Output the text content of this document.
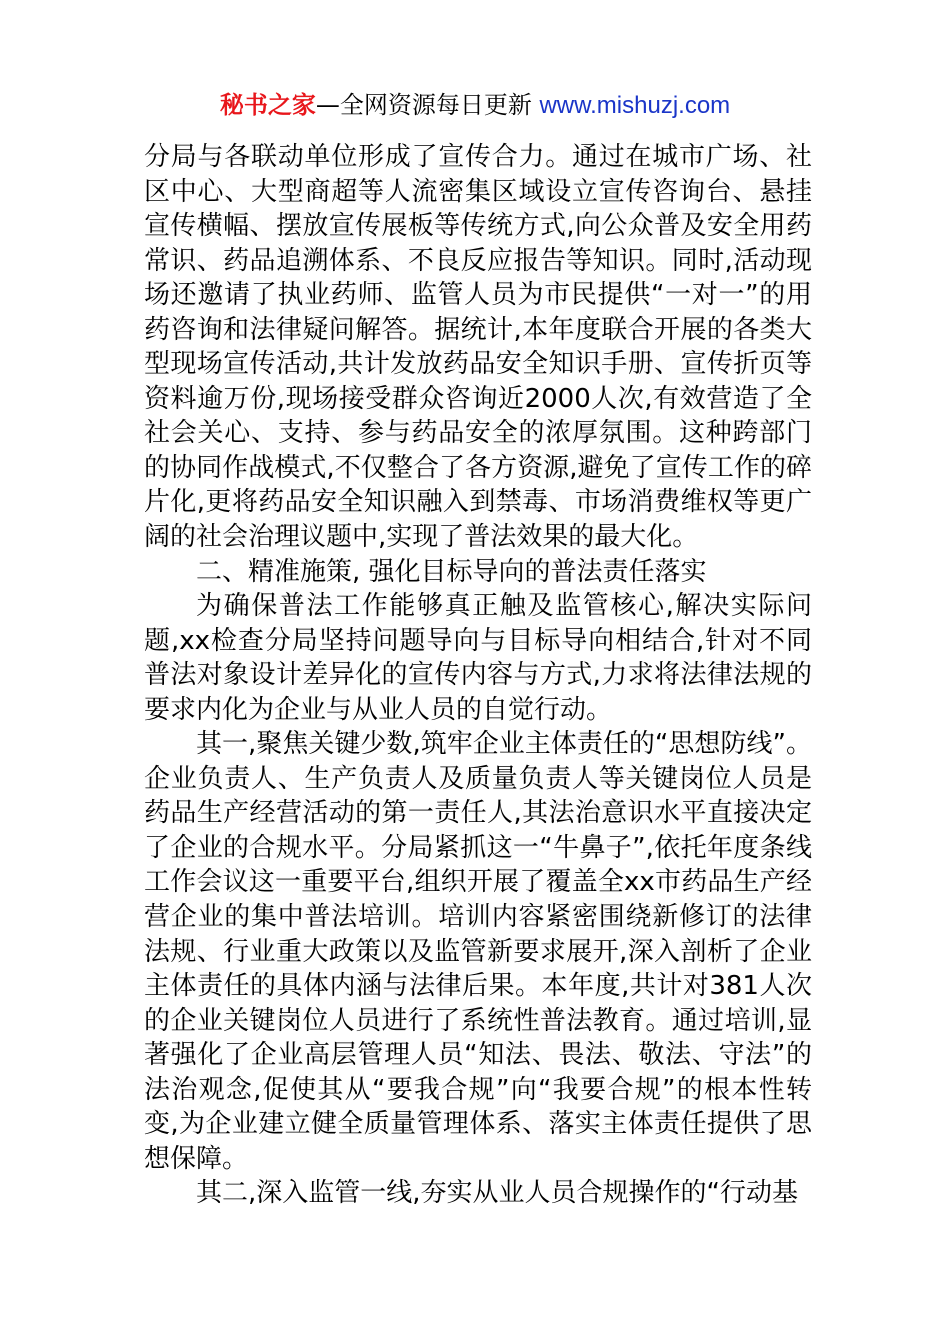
秘书之家—全网资源每日更新 www.mishuzj.com

分局与各联动单位形成了宣传合力。通过在城市广场、社区中心、大型商超等人流密集区域设立宣传咨询台、悬挂宣传横幅、摆放宣传展板等传统方式,向公众普及安全用药常识、药品追溯体系、不良反应报告等知识。同时,活动现场还邀请了执业药师、监管人员为市民提供“一对一”的用药咨询和法律疑问解答。据统计,本年度联合开展的各类大型现场宣传活动,共计发放药品安全知识手册、宣传折页等资料逾万份,现场接受群众咨询近2000人次,有效营造了全社会关心、支持、参与药品安全的浓厚氛围。这种跨部门的协同作战模式,不仅整合了各方资源,避免了宣传工作的碎片化,更将药品安全知识融入到禁毒、市场消费维权等更广阔的社会治理议题中,实现了普法效果的最大化。

二、精准施策, 强化目标导向的普法责任落实

为确保普法工作能够真正触及监管核心,解决实际问题,xx检查分局坚持问题导向与目标导向相结合,针对不同普法对象设计差异化的宣传内容与方式,力求将法律法规的要求内化为企业与从业人员的自觉行动。

其一,聚焦关键少数,筑牢企业主体责任的“思想防线”。企业负责人、生产负责人及质量负责人等关键岗位人员是药品生产经营活动的第一责任人,其法治意识水平直接决定了企业的合规水平。分局紧抓这一“牛鼻子”,依托年度条线工作会议这一重要平台,组织开展了覆盖全xx市药品生产经营企业的集中普法培训。培训内容紧密围绕新修订的法律法规、行业重大政策以及监管新要求展开,深入剖析了企业主体责任的具体内涵与法律后果。本年度,共计对381人次的企业关键岗位人员进行了系统性普法教育。通过培训,显著强化了企业高层管理人员“知法、畏法、敬法、守法”的法治观念,促使其从“要我合规”向“我要合规”的根本性转变,为企业建立健全质量管理体系、落实主体责任提供了思想保障。

其二,深入监管一线,夯实从业人员合规操作的“行动基
